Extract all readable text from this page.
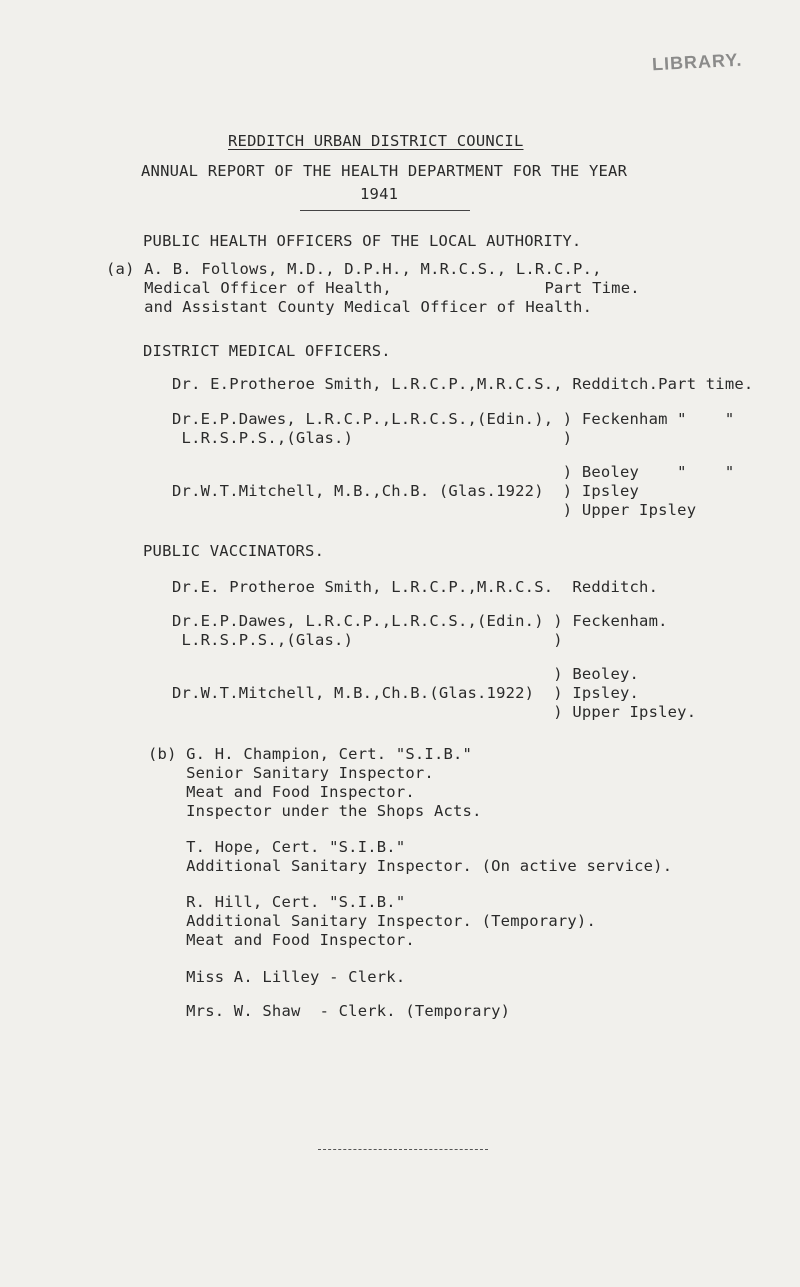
LIBRARY.
REDDITCH URBAN DISTRICT COUNCIL
ANNUAL REPORT OF THE HEALTH DEPARTMENT FOR THE YEAR
1941
PUBLIC HEALTH OFFICERS OF THE LOCAL AUTHORITY.
(a) A. B. Follows, M.D., D.P.H., M.R.C.S., L.R.C.P.,
Medical Officer of Health,                Part Time.
and Assistant County Medical Officer of Health.
DISTRICT MEDICAL OFFICERS.
Dr. E.Protheroe Smith, L.R.C.P.,M.R.C.S., Redditch.Part time.
Dr.E.P.Dawes, L.R.C.P.,L.R.C.S.,(Edin.), ) Feckenham "    "
L.R.S.P.S.,(Glas.)                      )
) Beoley    "    "
Dr.W.T.Mitchell, M.B.,Ch.B. (Glas.1922)  ) Ipsley
) Upper Ipsley
PUBLIC VACCINATORS.
Dr.E. Protheroe Smith, L.R.C.P.,M.R.C.S.  Redditch.
Dr.E.P.Dawes, L.R.C.P.,L.R.C.S.,(Edin.) ) Feckenham.
L.R.S.P.S.,(Glas.)                     )
) Beoley.
Dr.W.T.Mitchell, M.B.,Ch.B.(Glas.1922)  ) Ipsley.
) Upper Ipsley.
(b) G. H. Champion, Cert. "S.I.B."
Senior Sanitary Inspector.
Meat and Food Inspector.
Inspector under the Shops Acts.
T. Hope, Cert. "S.I.B."
Additional Sanitary Inspector. (On active service).
R. Hill, Cert. "S.I.B."
Additional Sanitary Inspector. (Temporary).
Meat and Food Inspector.
Miss A. Lilley - Clerk.
Mrs. W. Shaw  - Clerk. (Temporary)
